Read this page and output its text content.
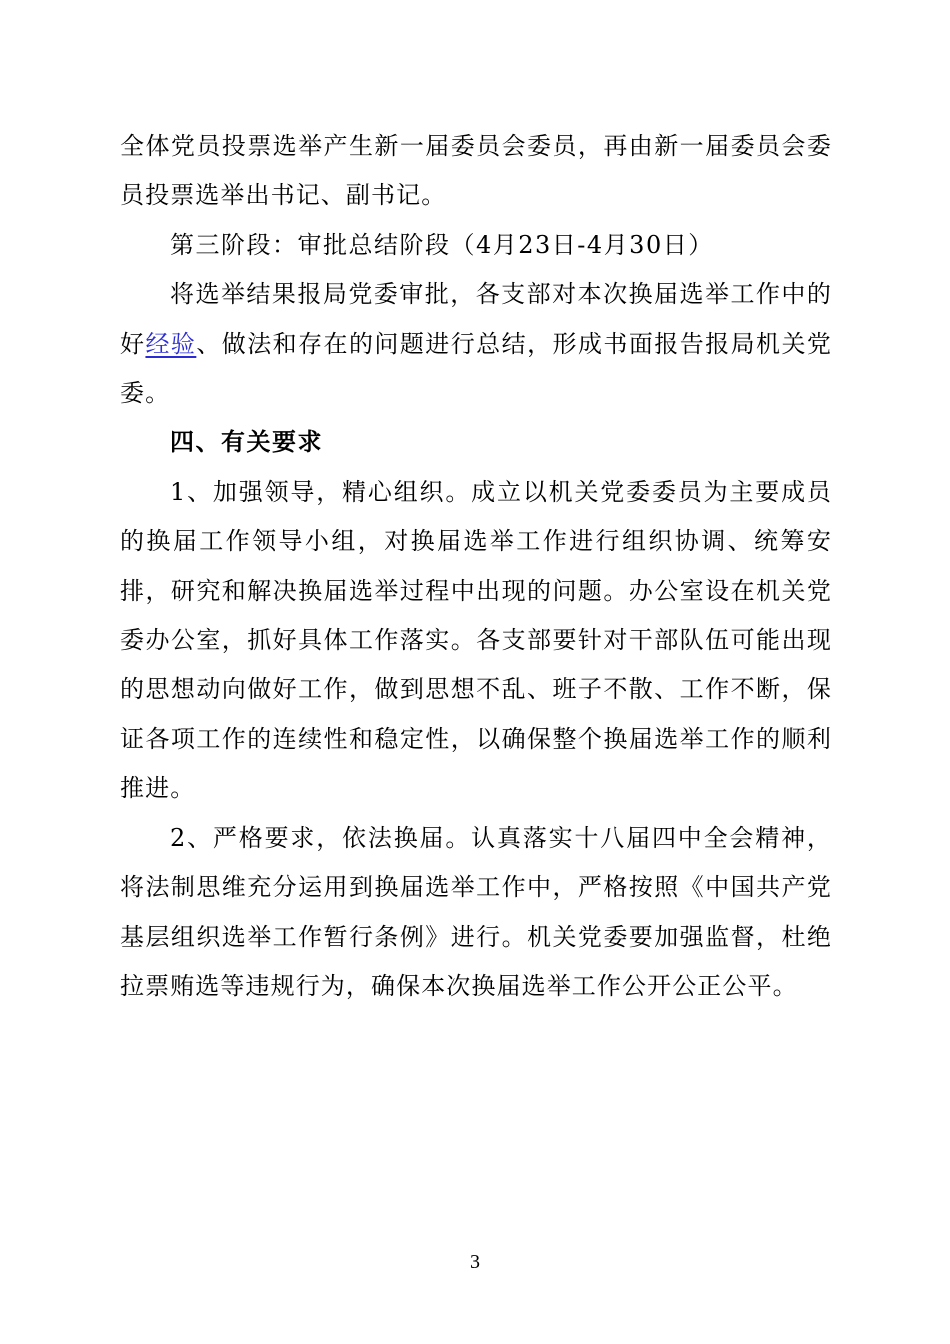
全体党员投票选举产生新一届委员会委员，再由新一届委员会委员投票选举出书记、副书记。

第三阶段：审批总结阶段（4月23日-4月30日）

将选举结果报局党委审批，各支部对本次换届选举工作中的好经验、做法和存在的问题进行总结，形成书面报告报局机关党委。

四、有关要求

1、加强领导，精心组织。成立以机关党委委员为主要成员的换届工作领导小组，对换届选举工作进行组织协调、统筹安排，研究和解决换届选举过程中出现的问题。办公室设在机关党委办公室，抓好具体工作落实。各支部要针对干部队伍可能出现的思想动向做好工作，做到思想不乱、班子不散、工作不断，保证各项工作的连续性和稳定性，以确保整个换届选举工作的顺利推进。

2、严格要求，依法换届。认真落实十八届四中全会精神，将法制思维充分运用到换届选举工作中，严格按照《中国共产党基层组织选举工作暂行条例》进行。机关党委要加强监督，杜绝拉票贿选等违规行为，确保本次换届选举工作公开公正公平。

3
